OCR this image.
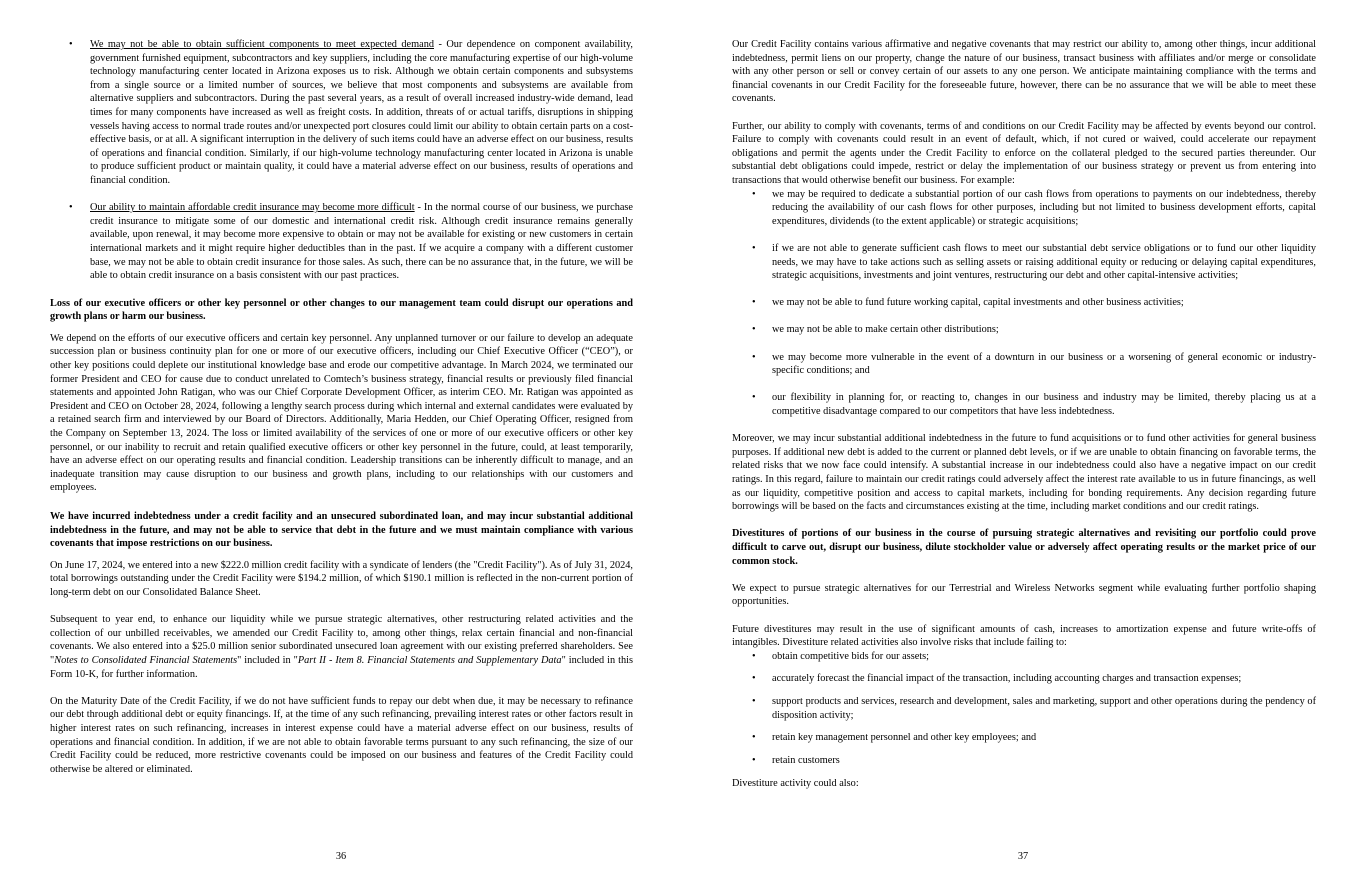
• We may not be able to obtain sufficient components to meet expected demand - Our dependence on component availability, government furnished equipment, subcontractors and key suppliers, including the core manufacturing expertise of our high-volume technology manufacturing center located in Arizona exposes us to risk. Although we obtain certain components and subsystems from a single source or a limited number of sources, we believe that most components and subsystems are available from alternative suppliers and subcontractors. During the past several years, as a result of overall increased industry-wide demand, lead times for many components have increased as well as freight costs. In addition, threats of or actual tariffs, disruptions in shipping vessels having access to normal trade routes and/or unexpected port closures could limit our ability to obtain certain parts on a cost-effective basis, or at all. A significant interruption in the delivery of such items could have an adverse effect on our business, results of operations and financial condition. Similarly, if our high-volume technology manufacturing center located in Arizona is unable to produce sufficient product or maintain quality, it could have a material adverse effect on our business, results of operations and financial condition.
• Our ability to maintain affordable credit insurance may become more difficult - In the normal course of our business, we purchase credit insurance to mitigate some of our domestic and international credit risk. Although credit insurance remains generally available, upon renewal, it may become more expensive to obtain or may not be available for existing or new customers in certain international markets and it might require higher deductibles than in the past. If we acquire a company with a different customer base, we may not be able to obtain credit insurance for those sales. As such, there can be no assurance that, in the future, we will be able to obtain credit insurance on a basis consistent with our past practices.

Loss of our executive officers or other key personnel or other changes to our management team could disrupt our operations and growth plans or harm our business.

We depend on the efforts of our executive officers and certain key personnel. Any unplanned turnover or our failure to develop an adequate succession plan or business continuity plan for one or more of our executive officers, including our Chief Executive Officer (“CEO”), or other key positions could deplete our institutional knowledge base and erode our competitive advantage. In March 2024, we terminated our former President and CEO for cause due to conduct unrelated to Comtech’s business strategy, financial results or previously filed financial statements and appointed John Ratigan, who was our Chief Corporate Development Officer, as interim CEO. Mr. Ratigan was appointed as President and CEO on October 28, 2024, following a lengthy search process during which internal and external candidates were evaluated by a retained search firm and interviewed by our Board of Directors. Additionally, Maria Hedden, our Chief Operating Officer, resigned from the Company on September 13, 2024. The loss or limited availability of the services of one or more of our executive officers or other key personnel, or our inability to recruit and retain qualified executive officers or other key personnel in the future, could, at least temporarily, have an adverse effect on our operating results and financial condition. Leadership transitions can be inherently difficult to manage, and an inadequate transition may cause disruption to our business and growth plans, including to our relationships with our customers and employees.

We have incurred indebtedness under a credit facility and an unsecured subordinated loan, and may incur substantial additional indebtedness in the future, and may not be able to service that debt in the future and we must maintain compliance with various covenants that impose restrictions on our business.

On June 17, 2024, we entered into a new $222.0 million credit facility with a syndicate of lenders (the "Credit Facility"). As of July 31, 2024, total borrowings outstanding under the Credit Facility were $194.2 million, of which $190.1 million is reflected in the non-current portion of long-term debt on our Consolidated Balance Sheet.

Subsequent to year end, to enhance our liquidity while we pursue strategic alternatives, other restructuring related activities and the collection of our unbilled receivables, we amended our Credit Facility to, among other things, relax certain financial and non-financial covenants. We also entered into a $25.0 million senior subordinated unsecured loan agreement with our existing preferred shareholders. See "Notes to Consolidated Financial Statements" included in "Part II - Item 8. Financial Statements and Supplementary Data" included in this Form 10-K, for further information.

On the Maturity Date of the Credit Facility, if we do not have sufficient funds to repay our debt when due, it may be necessary to refinance our debt through additional debt or equity financings. If, at the time of any such refinancing, prevailing interest rates or other factors result in higher interest rates on such refinancing, increases in interest expense could have a material adverse effect on our business, results of operations and financial condition. In addition, if we are not able to obtain favorable terms pursuant to any such refinancing, the size of our Credit Facility could be reduced, more restrictive covenants could be imposed on our business and features of the Credit Facility could otherwise be altered or eliminated.

36

Our Credit Facility contains various affirmative and negative covenants that may restrict our ability to, among other things, incur additional indebtedness, permit liens on our property, change the nature of our business, transact business with affiliates and/or merge or consolidate with any other person or sell or convey certain of our assets to any one person. We anticipate maintaining compliance with the terms and financial covenants in our Credit Facility for the foreseeable future, however, there can be no assurance that we will be able to meet these covenants.

Further, our ability to comply with covenants, terms of and conditions on our Credit Facility may be affected by events beyond our control. Failure to comply with covenants could result in an event of default, which, if not cured or waived, could accelerate our repayment obligations and permit the agents under the Credit Facility to enforce on the collateral pledged to the secured parties thereunder. Our substantial debt obligations could impede, restrict or delay the implementation of our business strategy or prevent us from entering into transactions that would otherwise benefit our business. For example:

• we may be required to dedicate a substantial portion of our cash flows from operations to payments on our indebtedness, thereby reducing the availability of our cash flows for other purposes, including but not limited to business development efforts, capital expenditures, dividends (to the extent applicable) or strategic acquisitions;
• if we are not able to generate sufficient cash flows to meet our substantial debt service obligations or to fund our other liquidity needs, we may have to take actions such as selling assets or raising additional equity or reducing or delaying capital expenditures, strategic acquisitions, investments and joint ventures, restructuring our debt and other capital-intensive activities;
• we may not be able to fund future working capital, capital investments and other business activities;
• we may not be able to make certain other distributions;
• we may become more vulnerable in the event of a downturn in our business or a worsening of general economic or industry-specific conditions; and
• our flexibility in planning for, or reacting to, changes in our business and industry may be limited, thereby placing us at a competitive disadvantage compared to our competitors that have less indebtedness.

Moreover, we may incur substantial additional indebtedness in the future to fund acquisitions or to fund other activities for general business purposes. If additional new debt is added to the current or planned debt levels, or if we are unable to obtain financing on favorable terms, the related risks that we now face could intensify. A substantial increase in our indebtedness could also have a negative impact on our credit ratings. In this regard, failure to maintain our credit ratings could adversely affect the interest rate available to us in future financings, as well as our liquidity, competitive position and access to capital markets, including for bonding requirements. Any decision regarding future borrowings will be based on the facts and circumstances existing at the time, including market conditions and our credit ratings.

Divestitures of portions of our business in the course of pursuing strategic alternatives and revisiting our portfolio could prove difficult to carve out, disrupt our business, dilute stockholder value or adversely affect operating results or the market price of our common stock.

We expect to pursue strategic alternatives for our Terrestrial and Wireless Networks segment while evaluating further portfolio shaping opportunities.

Future divestitures may result in the use of significant amounts of cash, increases to amortization expense and future write-offs of intangibles. Divestiture related activities also involve risks that include failing to:

• obtain competitive bids for our assets;
• accurately forecast the financial impact of the transaction, including accounting charges and transaction expenses;
• support products and services, research and development, sales and marketing, support and other operations during the pendency of disposition activity;
• retain key management personnel and other key employees; and
• retain customers

Divestiture activity could also:

37
